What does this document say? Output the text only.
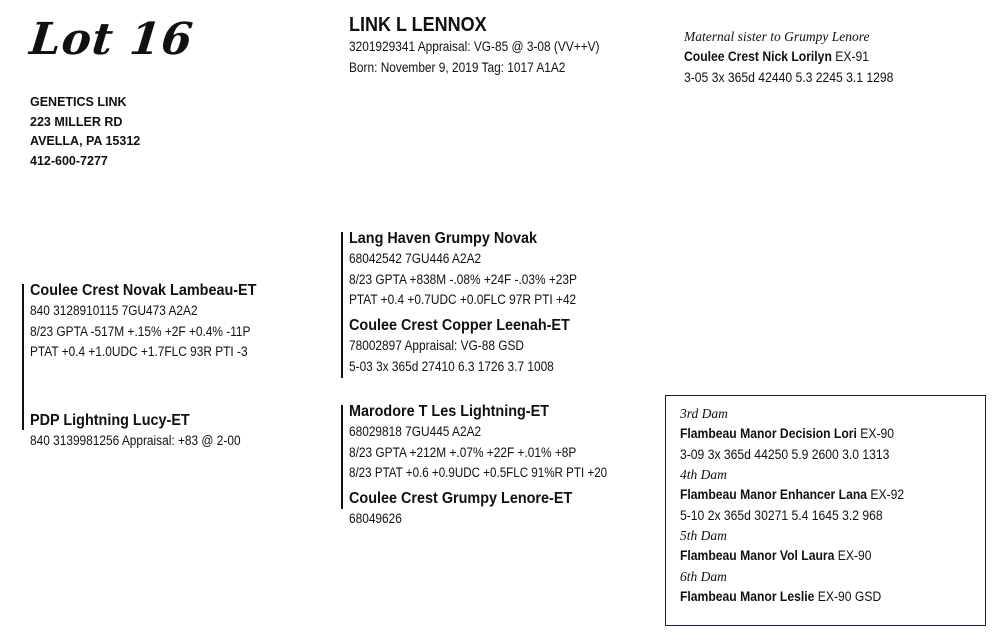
Lot 16
GENETICS LINK
223 MILLER RD
AVELLA, PA 15312
412-600-7277
LINK L LENNOX
3201929341 Appraisal: VG-85 @ 3-08 (VV++V)
Born: November 9, 2019 Tag: 1017 A1A2
Maternal sister to Grumpy Lenore
Coulee Crest Nick Lorilyn EX-91
3-05 3x 365d 42440 5.3 2245 3.1 1298
Coulee Crest Novak Lambeau-ET
840 3128910115 7GU473 A2A2
8/23 GPTA -517M +.15% +2F +0.4% -11P
PTAT +0.4 +1.0UDC +1.7FLC 93R PTI -3
PDP Lightning Lucy-ET
840 3139981256 Appraisal: +83 @ 2-00
Lang Haven Grumpy Novak
68042542 7GU446 A2A2
8/23 GPTA +838M -.08% +24F -.03% +23P
PTAT +0.4 +0.7UDC +0.0FLC 97R PTI +42
Coulee Crest Copper Leenah-ET
78002897 Appraisal: VG-88 GSD
5-03 3x 365d 27410 6.3 1726 3.7 1008
Marodore T Les Lightning-ET
68029818 7GU445 A2A2
8/23 GPTA +212M +.07% +22F +.01% +8P
8/23 PTAT +0.6 +0.9UDC +0.5FLC 91%R PTI +20
Coulee Crest Grumpy Lenore-ET
68049626
3rd Dam
Flambeau Manor Decision Lori EX-90
3-09 3x 365d 44250 5.9 2600 3.0 1313
4th Dam
Flambeau Manor Enhancer Lana EX-92
5-10 2x 365d 30271 5.4 1645 3.2 968
5th Dam
Flambeau Manor Vol Laura EX-90
6th Dam
Flambeau Manor Leslie EX-90 GSD
